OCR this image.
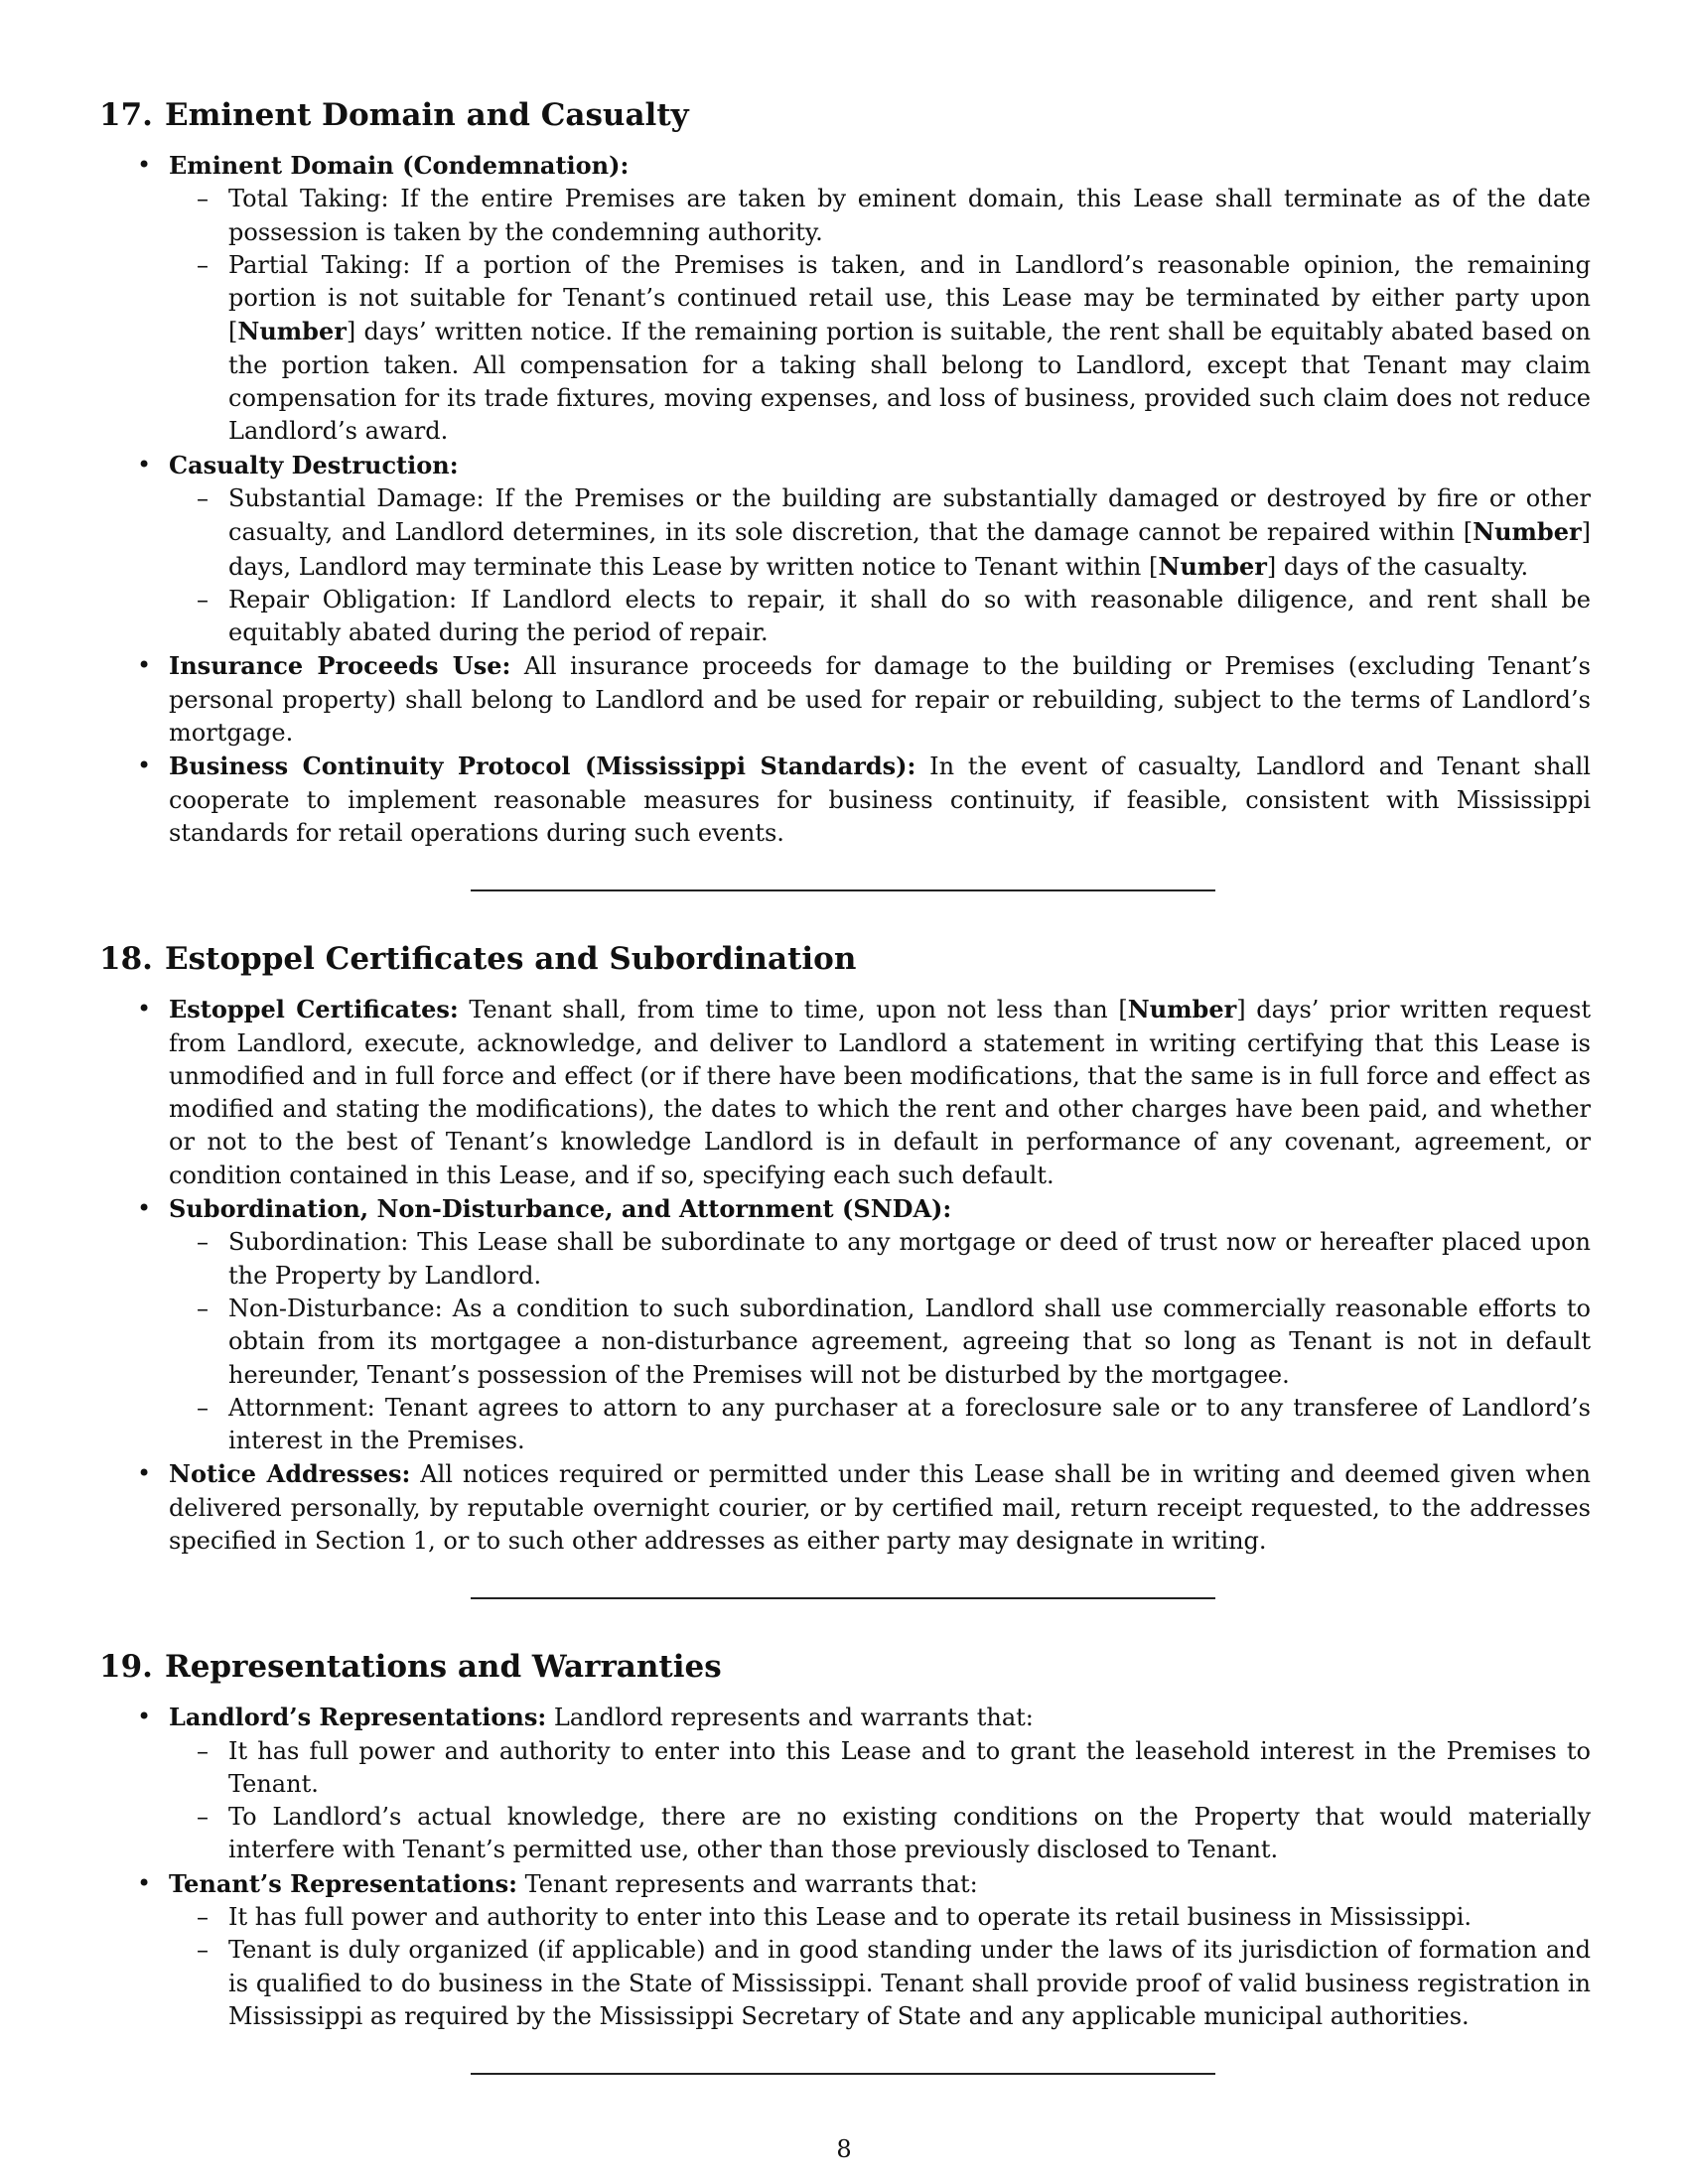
17. Eminent Domain and Casualty
• Eminent Domain (Condemnation):
– Total Taking: If the entire Premises are taken by eminent domain, this Lease shall terminate as of the date possession is taken by the condemning authority.
– Partial Taking: If a portion of the Premises is taken, and in Landlord’s reasonable opinion, the remaining portion is not suitable for Tenant’s continued retail use, this Lease may be terminated by either party upon [Number] days’ written notice. If the remaining portion is suitable, the rent shall be equitably abated based on the portion taken. All compensation for a taking shall belong to Landlord, except that Tenant may claim compensation for its trade fixtures, moving expenses, and loss of business, provided such claim does not reduce Landlord’s award.
• Casualty Destruction:
– Substantial Damage: If the Premises or the building are substantially damaged or destroyed by fire or other casualty, and Landlord determines, in its sole discretion, that the damage cannot be repaired within [Number] days, Landlord may terminate this Lease by written notice to Tenant within [Number] days of the casualty.
– Repair Obligation: If Landlord elects to repair, it shall do so with reasonable diligence, and rent shall be equitably abated during the period of repair.
• Insurance Proceeds Use: All insurance proceeds for damage to the building or Premises (excluding Tenant’s personal property) shall belong to Landlord and be used for repair or rebuilding, subject to the terms of Landlord’s mortgage.
• Business Continuity Protocol (Mississippi Standards): In the event of casualty, Landlord and Tenant shall cooperate to implement reasonable measures for business continuity, if feasible, consistent with Mississippi standards for retail operations during such events.
18. Estoppel Certificates and Subordination
• Estoppel Certificates: Tenant shall, from time to time, upon not less than [Number] days’ prior written request from Landlord, execute, acknowledge, and deliver to Landlord a statement in writing certifying that this Lease is unmodified and in full force and effect (or if there have been modifications, that the same is in full force and effect as modified and stating the modifications), the dates to which the rent and other charges have been paid, and whether or not to the best of Tenant’s knowledge Landlord is in default in performance of any covenant, agreement, or condition contained in this Lease, and if so, specifying each such default.
• Subordination, Non-Disturbance, and Attornment (SNDA):
– Subordination: This Lease shall be subordinate to any mortgage or deed of trust now or hereafter placed upon the Property by Landlord.
– Non-Disturbance: As a condition to such subordination, Landlord shall use commercially reasonable efforts to obtain from its mortgagee a non-disturbance agreement, agreeing that so long as Tenant is not in default hereunder, Tenant’s possession of the Premises will not be disturbed by the mortgagee.
– Attornment: Tenant agrees to attorn to any purchaser at a foreclosure sale or to any transferee of Landlord’s interest in the Premises.
• Notice Addresses: All notices required or permitted under this Lease shall be in writing and deemed given when delivered personally, by reputable overnight courier, or by certified mail, return receipt requested, to the addresses specified in Section 1, or to such other addresses as either party may designate in writing.
19. Representations and Warranties
• Landlord’s Representations: Landlord represents and warrants that:
– It has full power and authority to enter into this Lease and to grant the leasehold interest in the Premises to Tenant.
– To Landlord’s actual knowledge, there are no existing conditions on the Property that would materially interfere with Tenant’s permitted use, other than those previously disclosed to Tenant.
• Tenant’s Representations: Tenant represents and warrants that:
– It has full power and authority to enter into this Lease and to operate its retail business in Mississippi.
– Tenant is duly organized (if applicable) and in good standing under the laws of its jurisdiction of formation and is qualified to do business in the State of Mississippi. Tenant shall provide proof of valid business registration in Mississippi as required by the Mississippi Secretary of State and any applicable municipal authorities.
8
